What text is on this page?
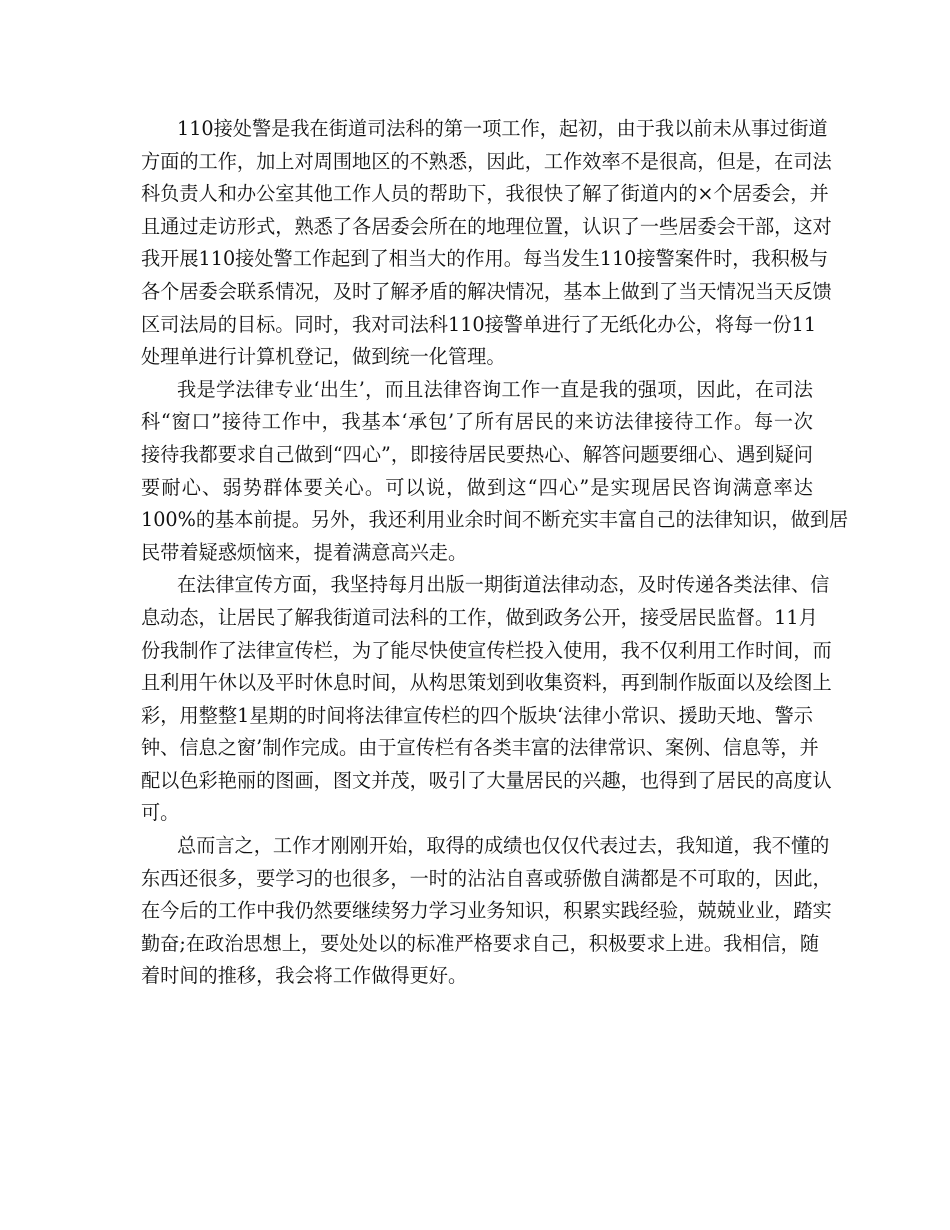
110接处警是我在街道司法科的第一项工作，起初，由于我以前未从事过街道
方面的工作，加上对周围地区的不熟悉，因此，工作效率不是很高，但是，在司法
科负责人和办公室其他工作人员的帮助下，我很快了解了街道内的×个居委会，并
且通过走访形式，熟悉了各居委会所在的地理位置，认识了一些居委会干部，这对
我开展110接处警工作起到了相当大的作用。每当发生110接警案件时，我积极与
各个居委会联系情况，及时了解矛盾的解决情况，基本上做到了当天情况当天反馈
区司法局的目标。同时，我对司法科110接警单进行了无纸化办公，将每一份11
处理单进行计算机登记，做到统一化管理。
我是学法律专业‘出生’，而且法律咨询工作一直是我的强项，因此，在司法
科“窗口”接待工作中，我基本‘承包’了所有居民的来访法律接待工作。每一次
接待我都要求自己做到“四心”，即接待居民要热心、解答问题要细心、遇到疑问
要耐心、弱势群体要关心。可以说，做到这“四心”是实现居民咨询满意率达
100%的基本前提。另外，我还利用业余时间不断充实丰富自己的法律知识，做到居
民带着疑惑烦恼来，提着满意高兴走。
在法律宣传方面，我坚持每月出版一期街道法律动态，及时传递各类法律、信
息动态，让居民了解我街道司法科的工作，做到政务公开，接受居民监督。11月
份我制作了法律宣传栏，为了能尽快使宣传栏投入使用，我不仅利用工作时间，而
且利用午休以及平时休息时间，从构思策划到收集资料，再到制作版面以及绘图上
彩，用整整1星期的时间将法律宣传栏的四个版块‘法律小常识、援助天地、警示
钟、信息之窗’制作完成。由于宣传栏有各类丰富的法律常识、案例、信息等，并
配以色彩艳丽的图画，图文并茂，吸引了大量居民的兴趣，也得到了居民的高度认
可。
总而言之，工作才刚刚开始，取得的成绩也仅仅代表过去，我知道，我不懂的
东西还很多，要学习的也很多，一时的沾沾自喜或骄傲自满都是不可取的，因此，
在今后的工作中我仍然要继续努力学习业务知识，积累实践经验，兢兢业业，踏实
勤奋;在政治思想上，要处处以的标准严格要求自己，积极要求上进。我相信，随
着时间的推移，我会将工作做得更好。
